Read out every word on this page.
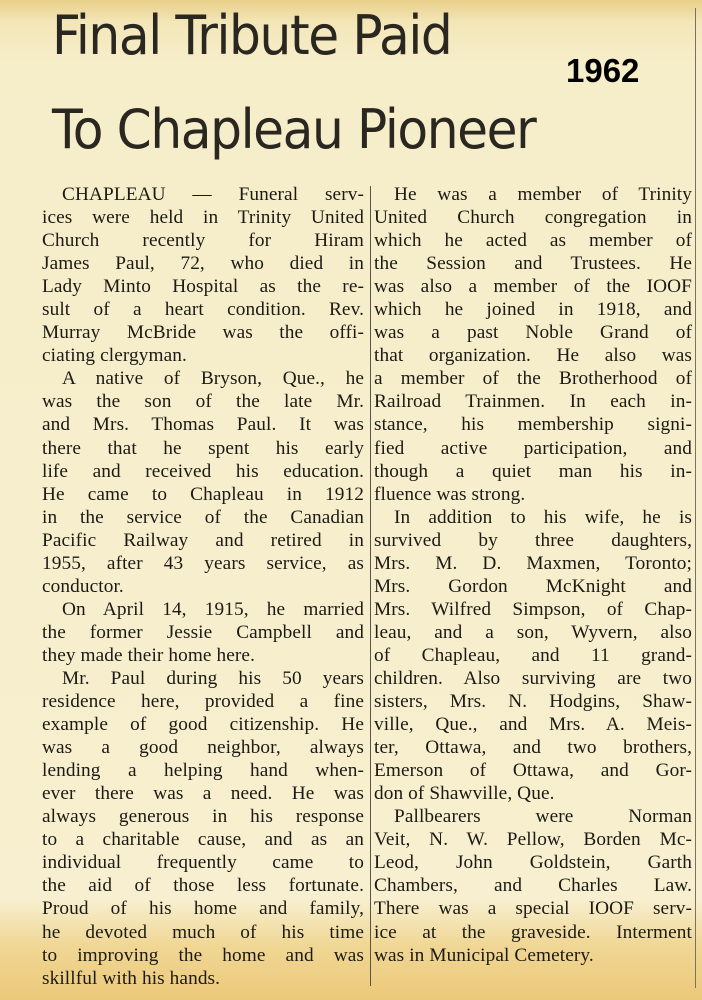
Final Tribute Paid
To Chapleau Pioneer
1962
CHAPLEAU — Funeral serv-
ices were held in Trinity United
Church recently for Hiram
James Paul, 72, who died in
Lady Minto Hospital as the re-
sult of a heart condition. Rev.
Murray McBride was the offi-
ciating clergyman.
A native of Bryson, Que., he
was the son of the late Mr.
and Mrs. Thomas Paul. It was
there that he spent his early
life and received his education.
He came to Chapleau in 1912
in the service of the Canadian
Pacific Railway and retired in
1955, after 43 years service, as
conductor.
On April 14, 1915, he married
the former Jessie Campbell and
they made their home here.
Mr. Paul during his 50 years
residence here, provided a fine
example of good citizenship. He
was a good neighbor, always
lending a helping hand when-
ever there was a need. He was
always generous in his response
to a charitable cause, and as an
individual frequently came to
the aid of those less fortunate.
Proud of his home and family,
he devoted much of his time
to improving the home and was
skillful with his hands.
He was a member of Trinity
United Church congregation in
which he acted as member of
the Session and Trustees. He
was also a member of the IOOF
which he joined in 1918, and
was a past Noble Grand of
that organization. He also was
a member of the Brotherhood of
Railroad Trainmen. In each in-
stance, his membership signi-
fied active participation, and
though a quiet man his in-
fluence was strong.
In addition to his wife, he is
survived by three daughters,
Mrs. M. D. Maxmen, Toronto;
Mrs. Gordon McKnight and
Mrs. Wilfred Simpson, of Chap-
leau, and a son, Wyvern, also
of Chapleau, and 11 grand-
children. Also surviving are two
sisters, Mrs. N. Hodgins, Shaw-
ville, Que., and Mrs. A. Meis-
ter, Ottawa, and two brothers,
Emerson of Ottawa, and Gor-
don of Shawville, Que.
Pallbearers were Norman
Veit, N. W. Pellow, Borden Mc-
Leod, John Goldstein, Garth
Chambers, and Charles Law.
There was a special IOOF serv-
ice at the graveside. Interment
was in Municipal Cemetery.
